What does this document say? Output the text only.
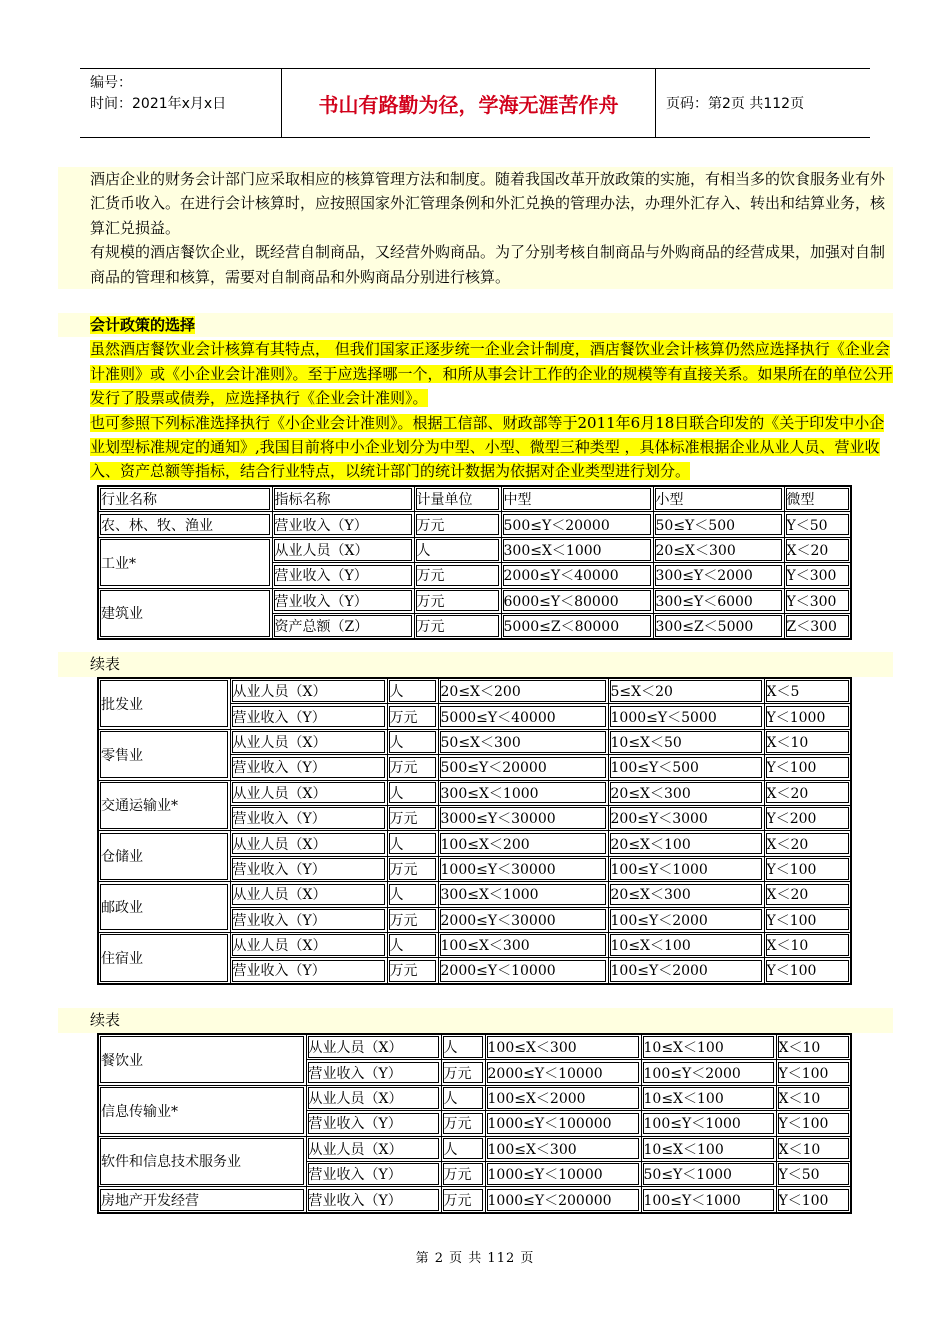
编号：
时间：2021年x月x日	书山有路勤为径，学海无涯苦作舟	页码：第2页 共112页
酒店企业的财务会计部门应采取相应的核算管理方法和制度。随着我国改革开放政策的实施，有相当多的饮食服务业有外汇货币收入。在进行会计核算时，应按照国家外汇管理条例和外汇兑换的管理办法，办理外汇存入、转出和结算业务，核算汇兑损益。
有规模的酒店餐饮企业，既经营自制商品，又经营外购商品。为了分别考核自制商品与外购商品的经营成果，加强对自制商品的管理和核算，需要对自制商品和外购商品分别进行核算。
会计政策的选择
虽然酒店餐饮业会计核算有其特点， 但我们国家正逐步统一企业会计制度，酒店餐饮业会计核算仍然应选择执行《企业会计准则》或《小企业会计准则》。至于应选择哪一个，和所从事会计工作的企业的规模等有直接关系。如果所在的单位公开发行了股票或债券，应选择执行《企业会计准则》。
也可参照下列标准选择执行《小企业会计准则》。根据工信部、财政部等于2011年6月18日联合印发的《关于印发中小企业划型标准规定的通知》,我国目前将中小企业划分为中型、小型、微型三种类型 ，具体标准根据企业从业人员、营业收入、资产总额等指标，结合行业特点，以统计部门的统计数据为依据对企业类型进行划分。
行业名称	指标名称	计量单位	中型	小型	微型
农、林、牧、渔业	营业收入（Y）	万元	500≤Y＜20000	50≤Y＜500	Y＜50
工业*	从业人员（X）	人	300≤X＜1000	20≤X＜300	X＜20
	营业收入（Y）	万元	2000≤Y＜40000	300≤Y＜2000	Y＜300
建筑业	营业收入（Y）	万元	6000≤Y＜80000	300≤Y＜6000	Y＜300
	资产总额（Z）	万元	5000≤Z＜80000	300≤Z＜5000	Z＜300
续表
批发业	从业人员（X）	人	20≤X＜200	5≤X＜20	X＜5
	营业收入（Y）	万元	5000≤Y＜40000	1000≤Y＜5000	Y＜1000
零售业	从业人员（X）	人	50≤X＜300	10≤X＜50	X＜10
	营业收入（Y）	万元	500≤Y＜20000	100≤Y＜500	Y＜100
交通运输业*	从业人员（X）	人	300≤X＜1000	20≤X＜300	X＜20
	营业收入（Y）	万元	3000≤Y＜30000	200≤Y＜3000	Y＜200
仓储业	从业人员（X）	人	100≤X＜200	20≤X＜100	X＜20
	营业收入（Y）	万元	1000≤Y＜30000	100≤Y＜1000	Y＜100
邮政业	从业人员（X）	人	300≤X＜1000	20≤X＜300	X＜20
	营业收入（Y）	万元	2000≤Y＜30000	100≤Y＜2000	Y＜100
住宿业	从业人员（X）	人	100≤X＜300	10≤X＜100	X＜10
	营业收入（Y）	万元	2000≤Y＜10000	100≤Y＜2000	Y＜100
续表
餐饮业	从业人员（X）	人	100≤X＜300	10≤X＜100	X＜10
	营业收入（Y）	万元	2000≤Y＜10000	100≤Y＜2000	Y＜100
信息传输业*	从业人员（X）	人	100≤X＜2000	10≤X＜100	X＜10
	营业收入（Y）	万元	1000≤Y＜100000	100≤Y＜1000	Y＜100
软件和信息技术服务业	从业人员（X）	人	100≤X＜300	10≤X＜100	X＜10
	营业收入（Y）	万元	1000≤Y＜10000	50≤Y＜1000	Y＜50
房地产开发经营	营业收入（Y）	万元	1000≤Y＜200000	100≤Y＜1000	Y＜100
第 2 页 共 112 页
